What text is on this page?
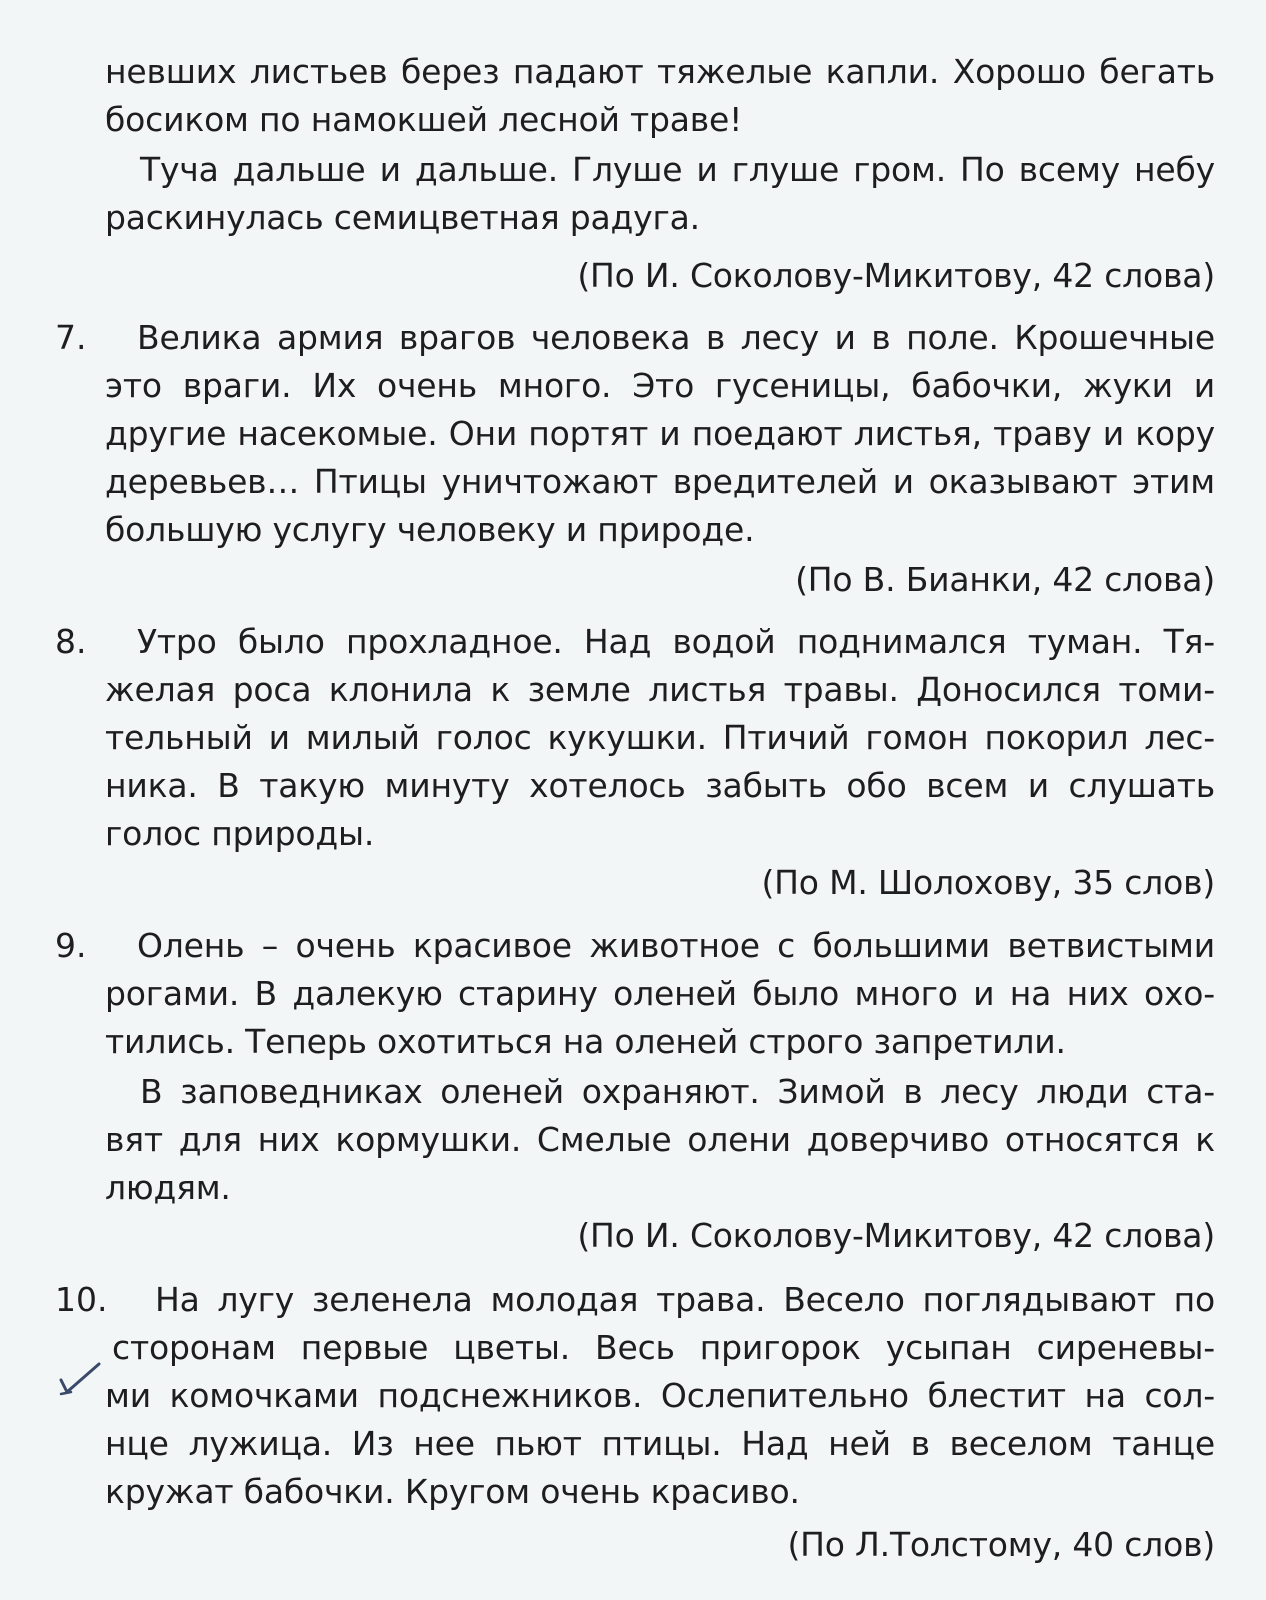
невших листьев берез падают тяжелые капли. Хорошо бегать
босиком по намокшей лесной траве!
Туча дальше и дальше. Глуше и глуше гром. По всему небу
раскинулась семицветная радуга.
(По И. Соколову-Микитову, 42 слова)
7. Велика армия врагов человека в лесу и в поле. Крошечные
это враги. Их очень много. Это гусеницы, бабочки, жуки и
другие насекомые. Они портят и поедают листья, траву и кору
деревьев… Птицы уничтожают вредителей и оказывают этим
большую услугу человеку и природе.
(По В. Бианки, 42 слова)
8. Утро было прохладное. Над водой поднимался туман. Тя-
желая роса клонила к земле листья травы. Доносился томи-
тельный и милый голос кукушки. Птичий гомон покорил лес-
ника. В такую минуту хотелось забыть обо всем и слушать
голос природы.
(По М. Шолохову, 35 слов)
9. Олень – очень красивое животное с большими ветвистыми
рогами. В далекую старину оленей было много и на них охо-
тились. Теперь охотиться на оленей строго запретили.
В заповедниках оленей охраняют. Зимой в лесу люди ста-
вят для них кормушки. Смелые олени доверчиво относятся к
людям.
(По И. Соколову-Микитову, 42 слова)
10. На лугу зеленела молодая трава. Весело поглядывают по
сторонам первые цветы. Весь пригорок усыпан сиреневы-
ми комочками подснежников. Ослепительно блестит на сол-
нце лужица. Из нее пьют птицы. Над ней в веселом танце
кружат бабочки. Кругом очень красиво.
(По Л.Толстому, 40 слов)
